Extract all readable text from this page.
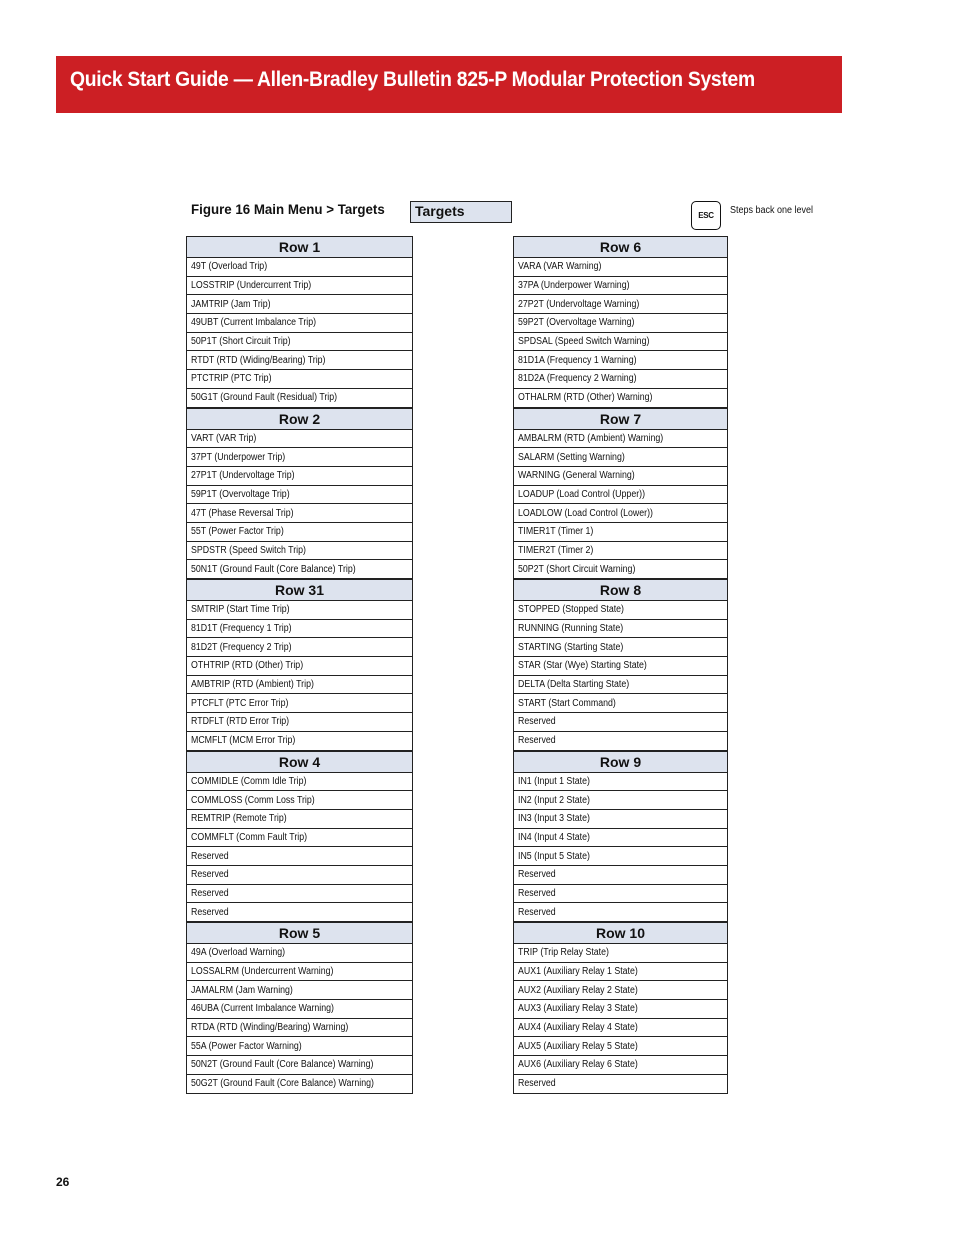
Quick Start Guide — Allen-Bradley Bulletin 825-P Modular Protection System
Figure 16 Main Menu > Targets Targets	ESC Steps back one level
Row 1
49T (Overload Trip)
LOSSTRIP (Undercurrent Trip)
JAMTRIP (Jam Trip)
49UBT (Current Imbalance Trip)
50P1T (Short Circuit Trip)
RTDT (RTD (Widing/Bearing) Trip)
PTCTRIP (PTC Trip)
50G1T (Ground Fault (Residual) Trip)
Row 2
VART (VAR Trip)
37PT (Underpower Trip)
27P1T (Undervoltage Trip)
59P1T (Overvoltage Trip)
47T (Phase Reversal Trip)
55T (Power Factor Trip)
SPDSTR (Speed Switch Trip)
50N1T (Ground Fault (Core Balance) Trip)
Row 31
SMTRIP (Start Time Trip)
81D1T (Frequency 1 Trip)
81D2T (Frequency 2 Trip)
OTHTRIP (RTD (Other) Trip)
AMBTRIP (RTD (Ambient) Trip)
PTCFLT (PTC Error Trip)
RTDFLT (RTD Error Trip)
MCMFLT (MCM Error Trip)
Row 4
COMMIDLE (Comm Idle Trip)
COMMLOSS (Comm Loss Trip)
REMTRIP (Remote Trip)
COMMFLT (Comm Fault Trip)
Reserved
Reserved
Reserved
Reserved
Row 5
49A (Overload Warning)
LOSSALRM (Undercurrent Warning)
JAMALRM (Jam Warning)
46UBA (Current Imbalance Warning)
RTDA (RTD (Winding/Bearing) Warning)
55A (Power Factor Warning)
50N2T (Ground Fault (Core Balance) Warning)
50G2T (Ground Fault (Core Balance) Warning)
Row 6
VARA (VAR Warning)
37PA (Underpower Warning)
27P2T (Undervoltage Warning)
59P2T (Overvoltage Warning)
SPDSAL (Speed Switch Warning)
81D1A (Frequency 1 Warning)
81D2A (Frequency 2 Warning)
OTHALRM (RTD (Other) Warning)
Row 7
AMBALRM (RTD (Ambient) Warning)
SALARM (Setting Warning)
WARNING (General Warning)
LOADUP (Load Control (Upper))
LOADLOW (Load Control (Lower))
TIMER1T (Timer 1)
TIMER2T (Timer 2)
50P2T (Short Circuit Warning)
Row 8
STOPPED (Stopped State)
RUNNING (Running State)
STARTING (Starting State)
STAR (Star (Wye) Starting State)
DELTA (Delta Starting State)
START (Start Command)
Reserved
Reserved
Row 9
IN1 (Input 1 State)
IN2 (Input 2 State)
IN3 (Input 3 State)
IN4 (Input 4 State)
IN5 (Input 5 State)
Reserved
Reserved
Reserved
Row 10
TRIP (Trip Relay State)
AUX1 (Auxiliary Relay 1 State)
AUX2 (Auxiliary Relay 2 State)
AUX3 (Auxiliary Relay 3 State)
AUX4 (Auxiliary Relay 4 State)
AUX5 (Auxiliary Relay 5 State)
AUX6 (Auxiliary Relay 6 State)
Reserved
26
